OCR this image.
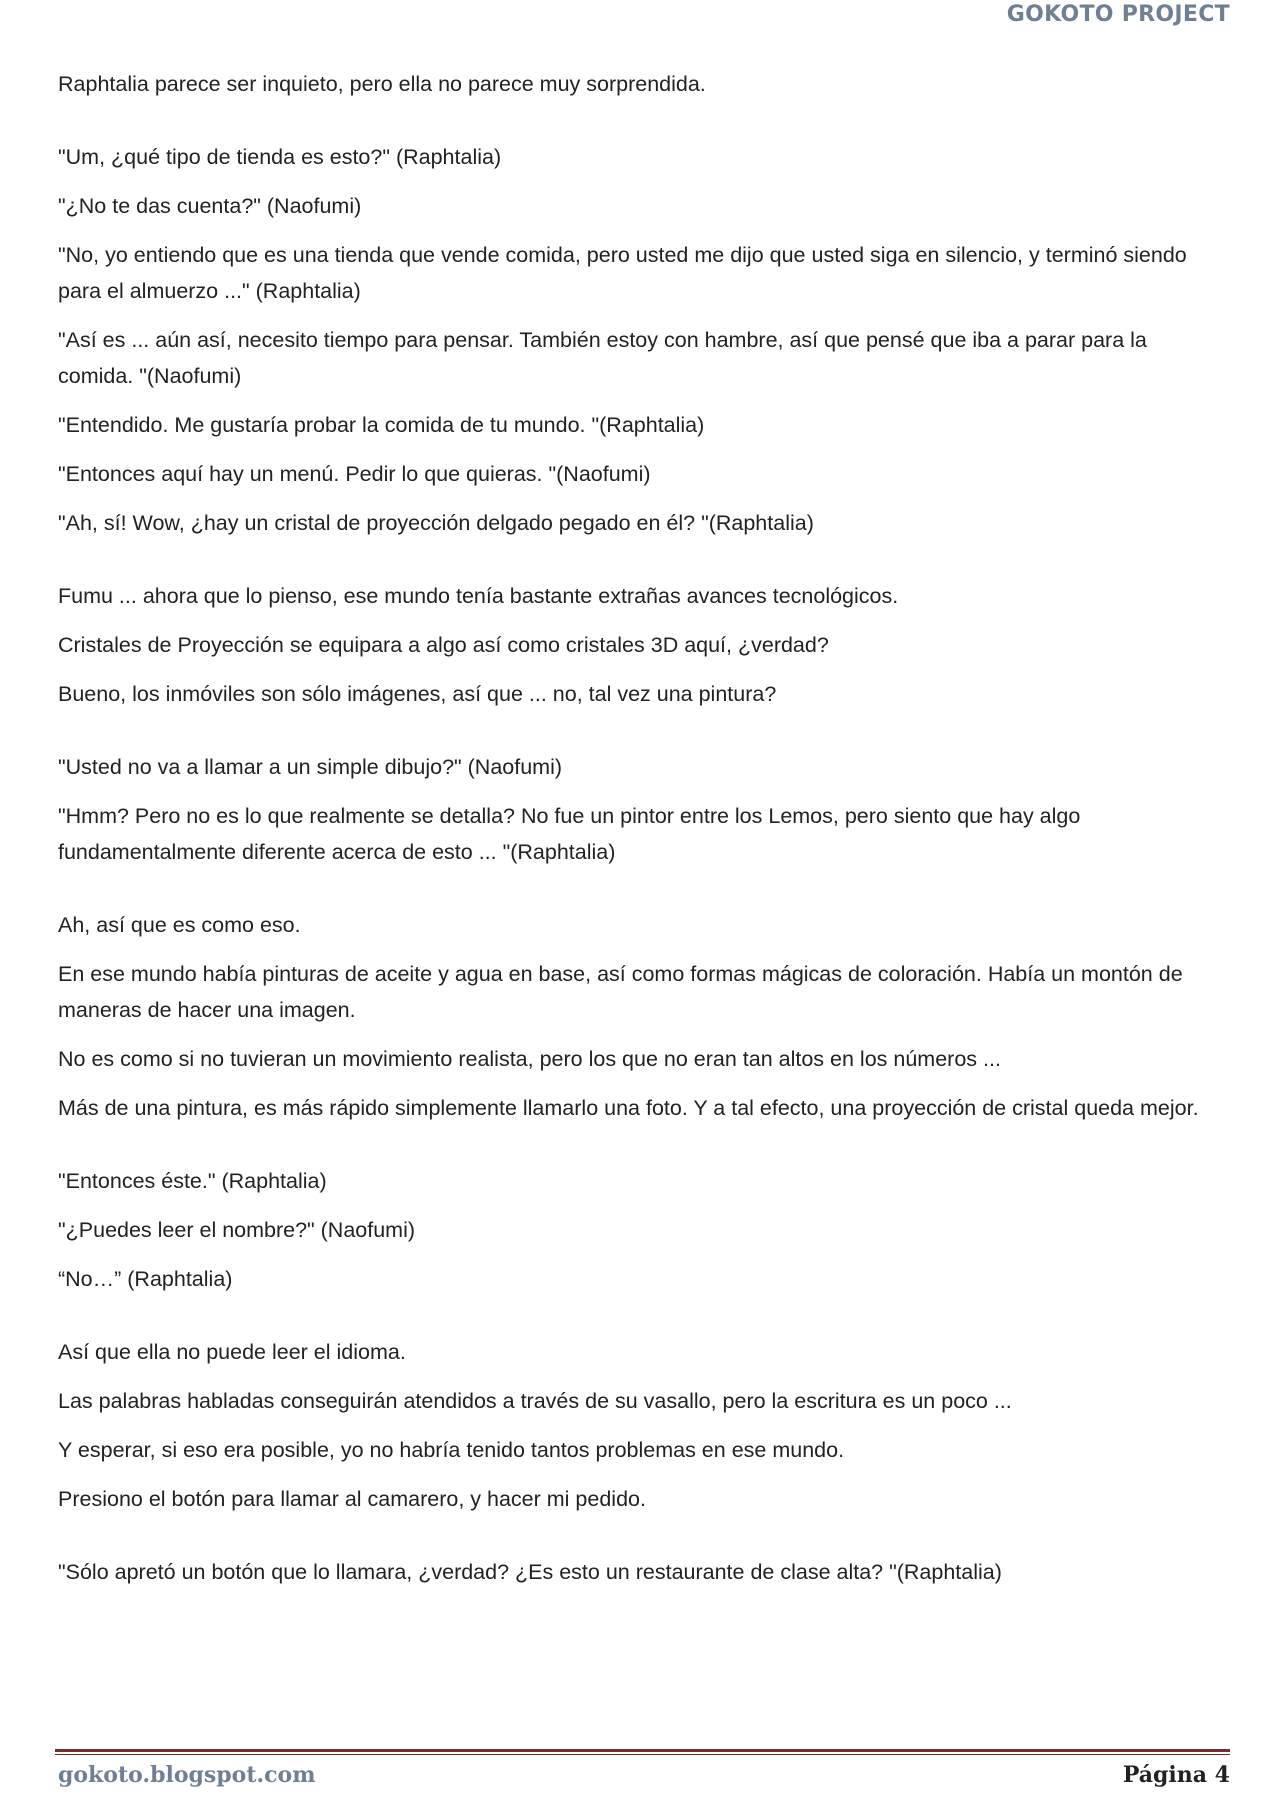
GOKOTO PROJECT

Raphtalia parece ser inquieto, pero ella no parece muy sorprendida.

"Um, ¿qué tipo de tienda es esto?" (Raphtalia)

"¿No te das cuenta?" (Naofumi)

"No, yo entiendo que es una tienda que vende comida, pero usted me dijo que usted siga en silencio, y terminó siendo para el almuerzo ..." (Raphtalia)

"Así es ... aún así, necesito tiempo para pensar. También estoy con hambre, así que pensé que iba a parar para la comida. "(Naofumi)

"Entendido. Me gustaría probar la comida de tu mundo. "(Raphtalia)

"Entonces aquí hay un menú. Pedir lo que quieras. "(Naofumi)

"Ah, sí! Wow, ¿hay un cristal de proyección delgado pegado en él? "(Raphtalia)

Fumu ... ahora que lo pienso, ese mundo tenía bastante extrañas avances tecnológicos.

Cristales de Proyección se equipara a algo así como cristales 3D aquí, ¿verdad?

Bueno, los inmóviles son sólo imágenes, así que ... no, tal vez una pintura?

"Usted no va a llamar a un simple dibujo?" (Naofumi)

"Hmm? Pero no es lo que realmente se detalla? No fue un pintor entre los Lemos, pero siento que hay algo fundamentalmente diferente acerca de esto ... "(Raphtalia)

Ah, así que es como eso.

En ese mundo había pinturas de aceite y agua en base, así como formas mágicas de coloración. Había un montón de maneras de hacer una imagen.

No es como si no tuvieran un movimiento realista, pero los que no eran tan altos en los números ...

Más de una pintura, es más rápido simplemente llamarlo una foto. Y a tal efecto, una proyección de cristal queda mejor.

"Entonces éste." (Raphtalia)

"¿Puedes leer el nombre?" (Naofumi)

“No…” (Raphtalia)

Así que ella no puede leer el idioma.

Las palabras habladas conseguirán atendidos a través de su vasallo, pero la escritura es un poco ...

Y esperar, si eso era posible, yo no habría tenido tantos problemas en ese mundo.

Presiono el botón para llamar al camarero, y hacer mi pedido.

"Sólo apretó un botón que lo llamara, ¿verdad? ¿Es esto un restaurante de clase alta? "(Raphtalia)

gokoto.blogspot.com	Página 4
